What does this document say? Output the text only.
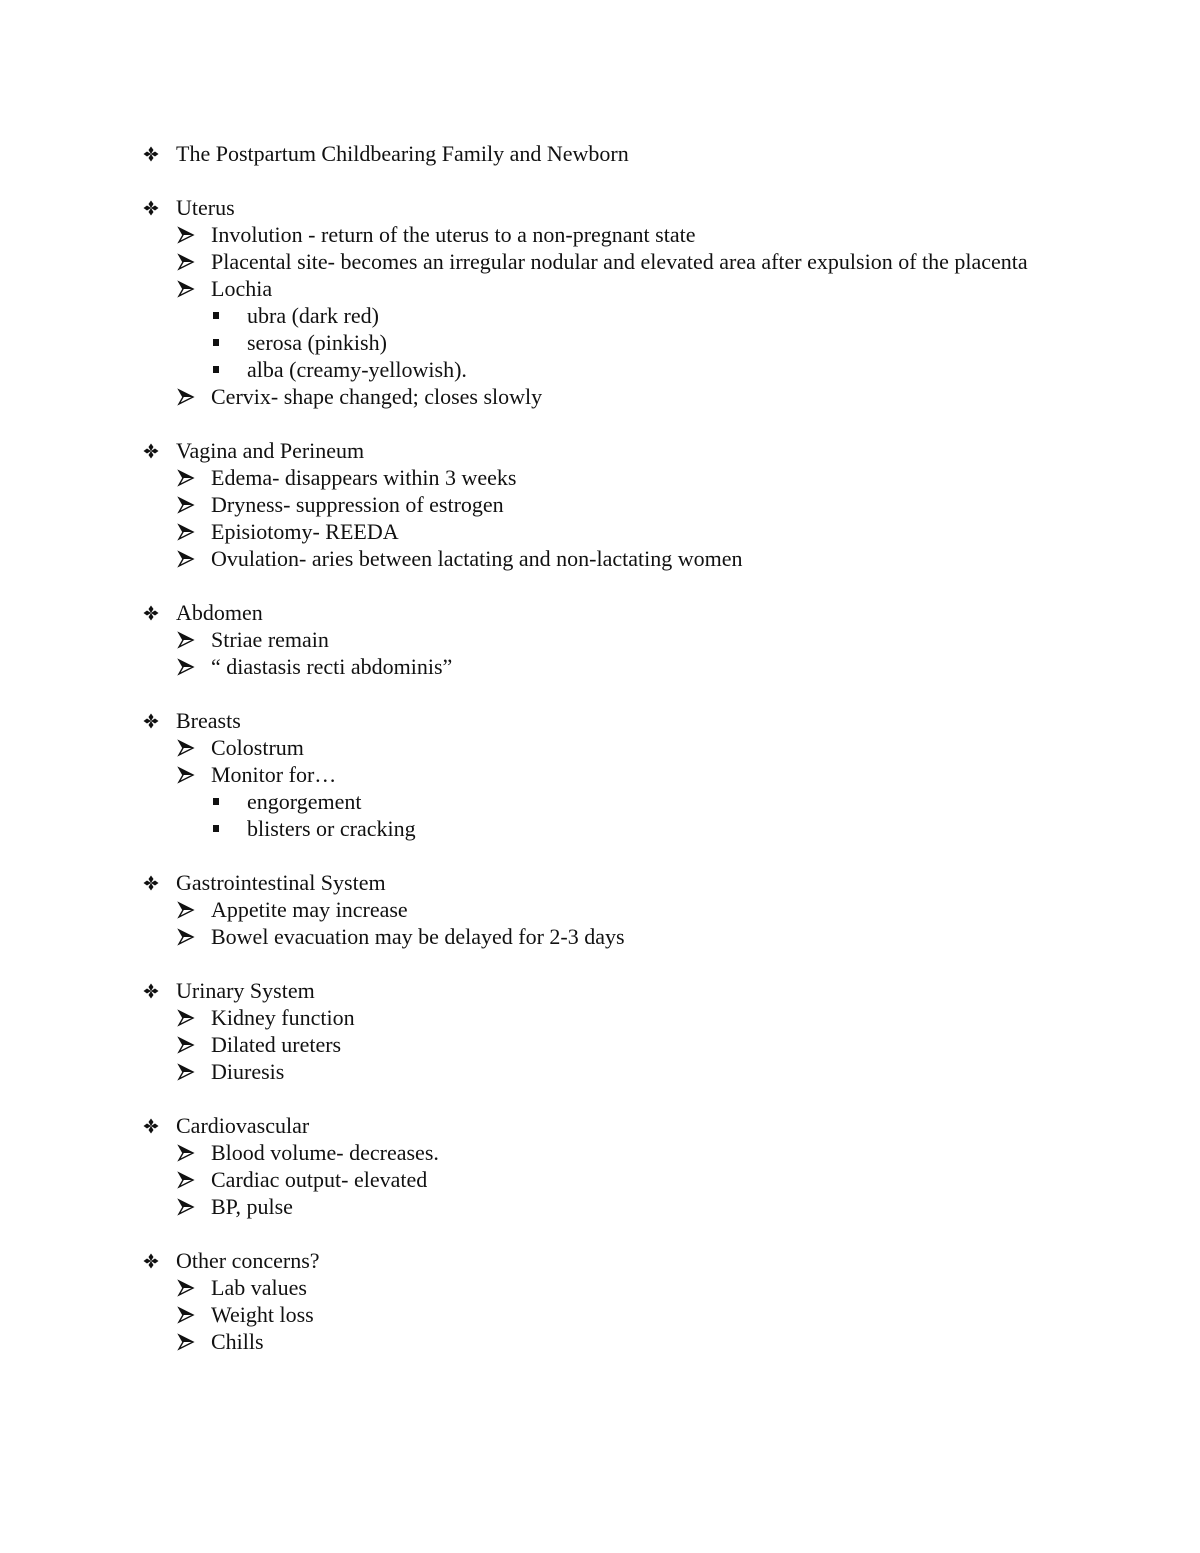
The Postpartum Childbearing Family and Newborn
Uterus
Involution - return of the uterus to a non-pregnant state
Placental site- becomes an irregular nodular and elevated area after expulsion of the placenta
Lochia
ubra (dark red)
serosa (pinkish)
alba (creamy-yellowish).
Cervix- shape changed; closes slowly
Vagina and Perineum
Edema- disappears within 3 weeks
Dryness- suppression of estrogen
Episiotomy- REEDA
Ovulation- aries between lactating and non-lactating women
Abdomen
Striae remain
“ diastasis recti abdominis”
Breasts
Colostrum
Monitor for…
engorgement
blisters or cracking
Gastrointestinal System
Appetite may increase
Bowel evacuation may be delayed for 2-3 days
Urinary System
Kidney function
Dilated ureters
Diuresis
Cardiovascular
Blood volume- decreases.
Cardiac output- elevated
BP, pulse
Other concerns?
Lab values
Weight loss
Chills
